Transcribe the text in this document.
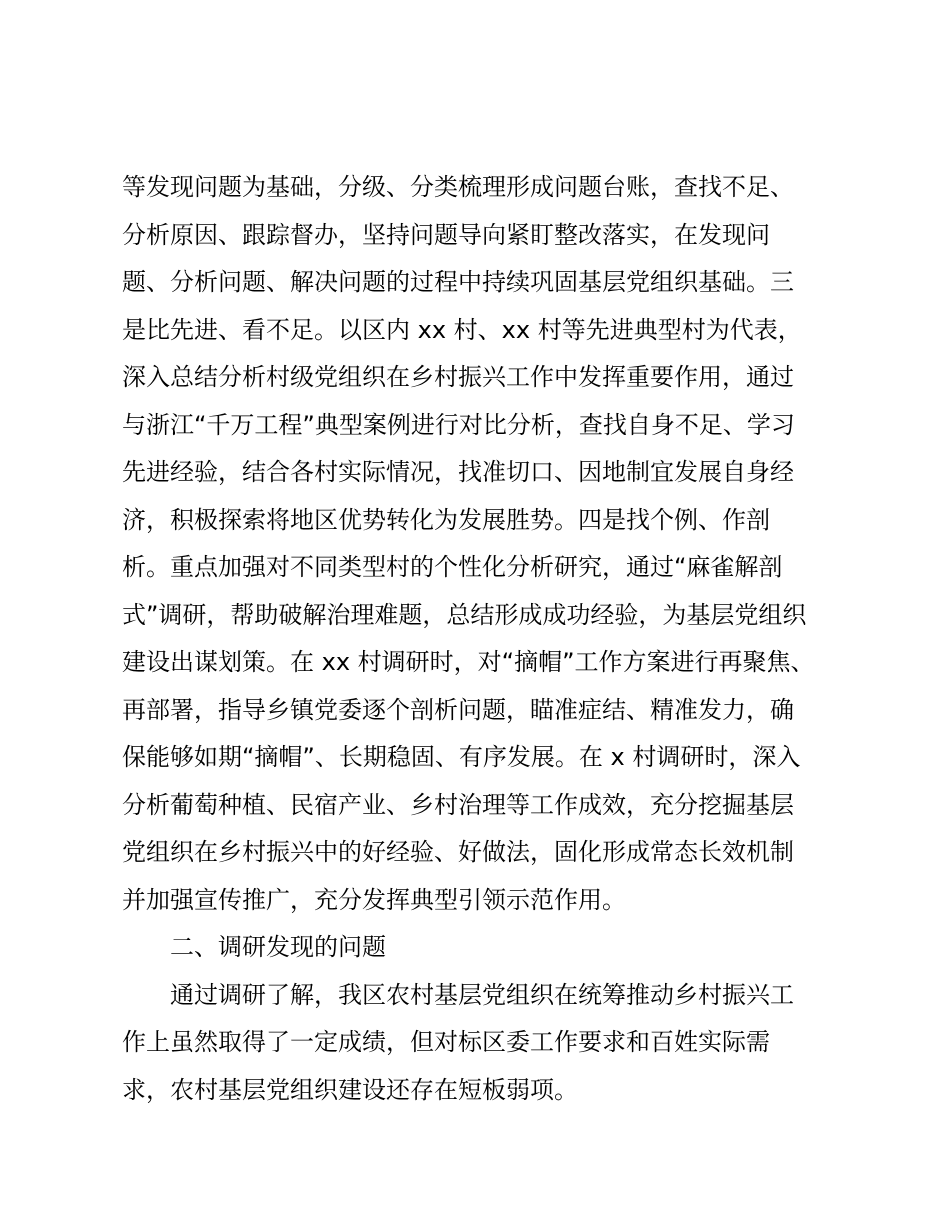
等发现问题为基础，分级、分类梳理形成问题台账，查找不足、
分析原因、跟踪督办，坚持问题导向紧盯整改落实，在发现问
题、分析问题、解决问题的过程中持续巩固基层党组织基础。三
是比先进、看不足。以区内 xx 村、xx 村等先进典型村为代表，
深入总结分析村级党组织在乡村振兴工作中发挥重要作用，通过
与浙江“千万工程”典型案例进行对比分析，查找自身不足、学习
先进经验，结合各村实际情况，找准切口、因地制宜发展自身经
济，积极探索将地区优势转化为发展胜势。四是找个例、作剖
析。重点加强对不同类型村的个性化分析研究，通过“麻雀解剖
式”调研，帮助破解治理难题，总结形成成功经验，为基层党组织
建设出谋划策。在 xx 村调研时，对“摘帽”工作方案进行再聚焦、
再部署，指导乡镇党委逐个剖析问题，瞄准症结、精准发力，确
保能够如期“摘帽”、长期稳固、有序发展。在 x 村调研时，深入
分析葡萄种植、民宿产业、乡村治理等工作成效，充分挖掘基层
党组织在乡村振兴中的好经验、好做法，固化形成常态长效机制
并加强宣传推广，充分发挥典型引领示范作用。
二、调研发现的问题
通过调研了解，我区农村基层党组织在统筹推动乡村振兴工
作上虽然取得了一定成绩，但对标区委工作要求和百姓实际需
求，农村基层党组织建设还存在短板弱项。
